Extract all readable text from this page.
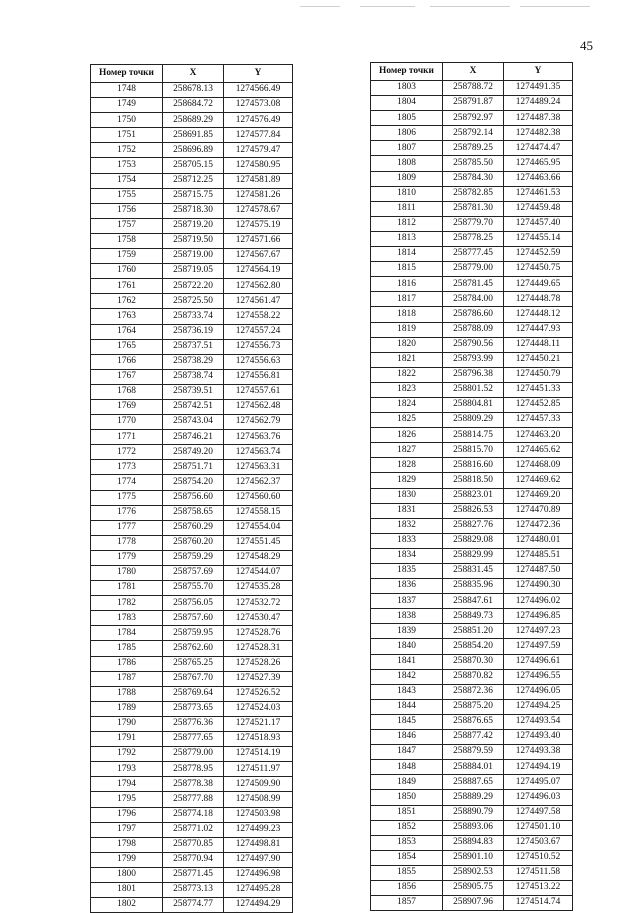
45
Номер точки	X	Y
1748	258678.13	1274566.49
1749	258684.72	1274573.08
1750	258689.29	1274576.49
1751	258691.85	1274577.84
1752	258696.89	1274579.47
1753	258705.15	1274580.95
1754	258712.25	1274581.89
1755	258715.75	1274581.26
1756	258718.30	1274578.67
1757	258719.20	1274575.19
1758	258719.50	1274571.66
1759	258719.00	1274567.67
1760	258719.05	1274564.19
1761	258722.20	1274562.80
1762	258725.50	1274561.47
1763	258733.74	1274558.22
1764	258736.19	1274557.24
1765	258737.51	1274556.73
1766	258738.29	1274556.63
1767	258738.74	1274556.81
1768	258739.51	1274557.61
1769	258742.51	1274562.48
1770	258743.04	1274562.79
1771	258746.21	1274563.76
1772	258749.20	1274563.74
1773	258751.71	1274563.31
1774	258754.20	1274562.37
1775	258756.60	1274560.60
1776	258758.65	1274558.15
1777	258760.29	1274554.04
1778	258760.20	1274551.45
1779	258759.29	1274548.29
1780	258757.69	1274544.07
1781	258755.70	1274535.28
1782	258756.05	1274532.72
1783	258757.60	1274530.47
1784	258759.95	1274528.76
1785	258762.60	1274528.31
1786	258765.25	1274528.26
1787	258767.70	1274527.39
1788	258769.64	1274526.52
1789	258773.65	1274524.03
1790	258776.36	1274521.17
1791	258777.65	1274518.93
1792	258779.00	1274514.19
1793	258778.95	1274511.97
1794	258778.38	1274509.90
1795	258777.88	1274508.99
1796	258774.18	1274503.98
1797	258771.02	1274499.23
1798	258770.85	1274498.81
1799	258770.94	1274497.90
1800	258771.45	1274496.98
1801	258773.13	1274495.28
1802	258774.77	1274494.29
Номер точки	X	Y
1803	258788.72	1274491.35
1804	258791.87	1274489.24
1805	258792.97	1274487.38
1806	258792.14	1274482.38
1807	258789.25	1274474.47
1808	258785.50	1274465.95
1809	258784.30	1274463.66
1810	258782.85	1274461.53
1811	258781.30	1274459.48
1812	258779.70	1274457.40
1813	258778.25	1274455.14
1814	258777.45	1274452.59
1815	258779.00	1274450.75
1816	258781.45	1274449.65
1817	258784.00	1274448.78
1818	258786.60	1274448.12
1819	258788.09	1274447.93
1820	258790.56	1274448.11
1821	258793.99	1274450.21
1822	258796.38	1274450.79
1823	258801.52	1274451.33
1824	258804.81	1274452.85
1825	258809.29	1274457.33
1826	258814.75	1274463.20
1827	258815.70	1274465.62
1828	258816.60	1274468.09
1829	258818.50	1274469.62
1830	258823.01	1274469.20
1831	258826.53	1274470.89
1832	258827.76	1274472.36
1833	258829.08	1274480.01
1834	258829.99	1274485.51
1835	258831.45	1274487.50
1836	258835.96	1274490.30
1837	258847.61	1274496.02
1838	258849.73	1274496.85
1839	258851.20	1274497.23
1840	258854.20	1274497.59
1841	258870.30	1274496.61
1842	258870.82	1274496.55
1843	258872.36	1274496.05
1844	258875.20	1274494.25
1845	258876.65	1274493.54
1846	258877.42	1274493.40
1847	258879.59	1274493.38
1848	258884.01	1274494.19
1849	258887.65	1274495.07
1850	258889.29	1274496.03
1851	258890.79	1274497.58
1852	258893.06	1274501.10
1853	258894.83	1274503.67
1854	258901.10	1274510.52
1855	258902.53	1274511.58
1856	258905.75	1274513.22
1857	258907.96	1274514.74
